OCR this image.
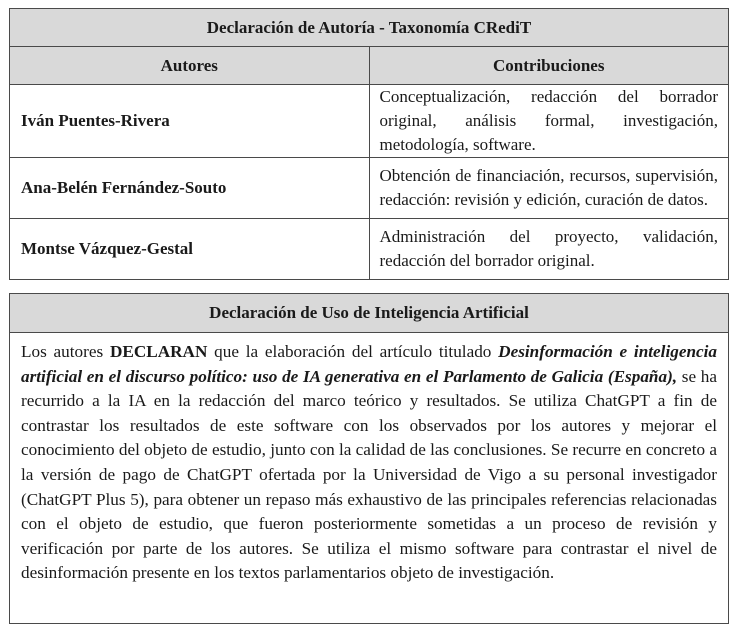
Declaración de Autoría - Taxonomía CRediT	
Autores	Contribuciones
Iván Puentes-Rivera	Conceptualización, redacción del borrador original, análisis formal, investigación, metodología, software.
Ana-Belén Fernández-Souto	Obtención de financiación, recursos, supervisión, redacción: revisión y edición, curación de datos.
Montse Vázquez-Gestal	Administración del proyecto, validación, redacción del borrador original.
Declaración de Uso de Inteligencia Artificial
Los autores DECLARAN que la elaboración del artículo titulado Desinformación e inteligencia artificial en el discurso político: uso de IA generativa en el Parlamento de Galicia (España), se ha recurrido a la IA en la redacción del marco teórico y resultados. Se utiliza ChatGPT a fin de contrastar los resultados de este software con los observados por los autores y mejorar el conocimiento del objeto de estudio, junto con la calidad de las conclusiones. Se recurre en concreto a la versión de pago de ChatGPT ofertada por la Universidad de Vigo a su personal investigador (ChatGPT Plus 5), para obtener un repaso más exhaustivo de las principales referencias relacionadas con el objeto de estudio, que fueron posteriormente sometidas a un proceso de revisión y verificación por parte de los autores. Se utiliza el mismo software para contrastar el nivel de desinformación presente en los textos parlamentarios objeto de investigación.
